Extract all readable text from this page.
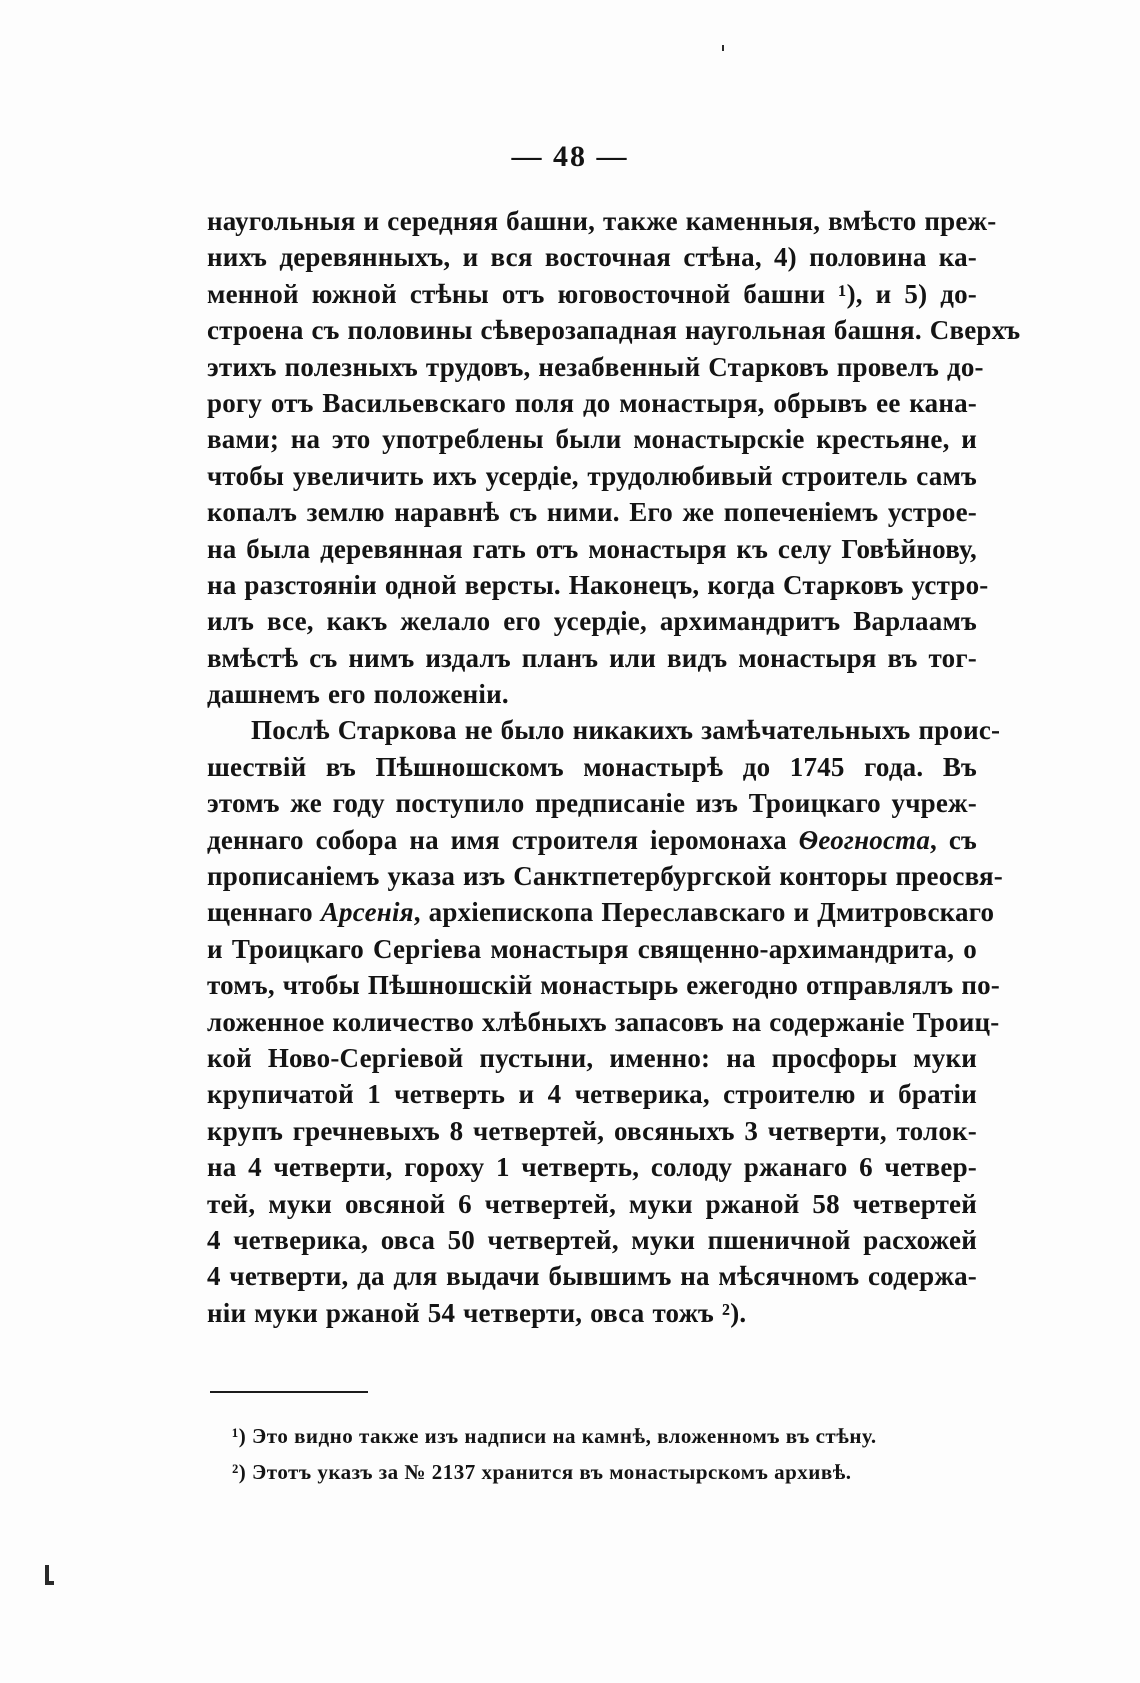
— 48 —
наугольныя и середняя башни, также каменныя, вмѣсто преж-
нихъ деревянныхъ, и вся восточная стѣна, 4) половина ка-
менной южной стѣны отъ юговосточной башни ¹), и 5) до-
строена съ половины сѣверозападная наугольная башня. Сверхъ
этихъ полезныхъ трудовъ, незабвенный Старковъ провелъ до-
рогу отъ Васильевскаго поля до монастыря, обрывъ ее кана-
вами; на это употреблены были монастырскіе крестьяне, и
чтобы увеличить ихъ усердіе, трудолюбивый строитель самъ
копалъ землю наравнѣ съ ними. Его же попеченіемъ устрое-
на была деревянная гать отъ монастыря къ селу Говѣйнову,
на разстояніи одной версты. Наконецъ, когда Старковъ устро-
илъ все, какъ желало его усердіе, архимандритъ Варлаамъ
вмѣстѣ съ нимъ издалъ планъ или видъ монастыря въ тог-
дашнемъ его положеніи.
Послѣ Старкова не было никакихъ замѣчательныхъ проис-
шествій въ Пѣшношскомъ монастырѣ до 1745 года. Въ
этомъ же году поступило предписаніе изъ Троицкаго учреж-
деннаго собора на имя строителя іеромонаха Ѳеогноста, съ
прописаніемъ указа изъ Санктпетербургской конторы преосвя-
щеннаго Арсенія, архіепископа Переславскаго и Дмитровскаго
и Троицкаго Сергіева монастыря священно-архимандрита, о
томъ, чтобы Пѣшношскій монастырь ежегодно отправлялъ по-
ложенное количество хлѣбныхъ запасовъ на содержаніе Троиц-
кой Ново-Сергіевой пустыни, именно: на просфоры муки
крупичатой 1 четверть и 4 четверика, строителю и братіи
крупъ гречневыхъ 8 четвертей, овсяныхъ 3 четверти, толок-
на 4 четверти, гороху 1 четверть, солоду ржанаго 6 четвер-
тей, муки овсяной 6 четвертей, муки ржаной 58 четвертей
4 четверика, овса 50 четвертей, муки пшеничной расхожей
4 четверти, да для выдачи бывшимъ на мѣсячномъ содержа-
ніи муки ржаной 54 четверти, овса тожъ ²).
¹) Это видно также изъ надписи на камнѣ, вложенномъ въ стѣну.
²) Этотъ указъ за № 2137 хранится въ монастырскомъ архивѣ.
